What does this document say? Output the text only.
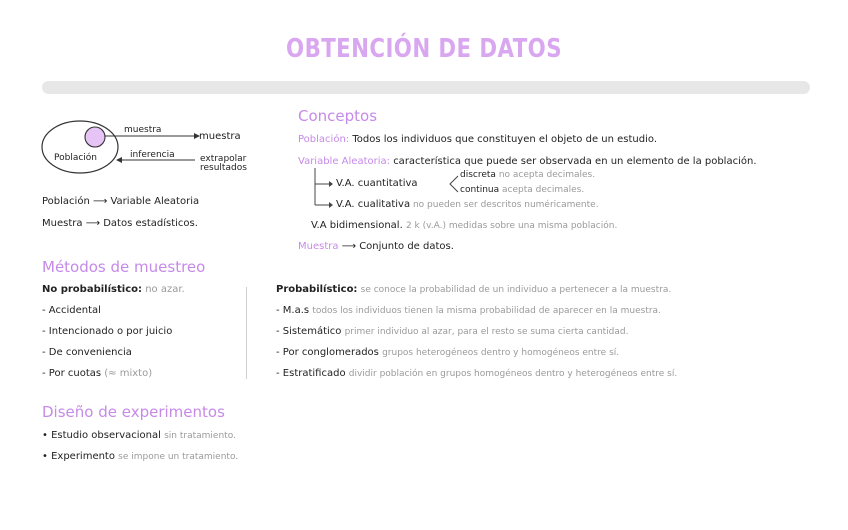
OBTENCIÓN DE DATOS
muestra
muestra
Población	inferencia	extrapolar resultados
Población ⟶ Variable Aleatoria
Muestra ⟶ Datos estadísticos.
Conceptos
Población: Todos los individuos que constituyen el objeto de un estudio.
Variable Aleatoria: característica que puede ser observada en un elemento de la población.
V.A. cuantitativa
discreta no acepta decimales.
continua acepta decimales.
V.A. cualitativa no pueden ser descritos numéricamente.
V.A bidimensional. 2 k (v.A.) medidas sobre una misma población.
Muestra ⟶ Conjunto de datos.
Métodos de muestreo
No probabilístico: no azar.
- Accidental
- Intencionado o por juicio
- De conveniencia
- Por cuotas (≈ mixto)
Probabilístico: se conoce la probabilidad de un individuo a pertenecer a la muestra.
- M.a.s todos los individuos tienen la misma probabilidad de aparecer en la muestra.
- Sistemático primer individuo al azar, para el resto se suma cierta cantidad.
- Por conglomerados grupos heterogéneos dentro y homogéneos entre sí.
- Estratificado dividir población en grupos homogéneos dentro y heterogéneos entre sí.
Diseño de experimentos
• Estudio observacional sin tratamiento.
• Experimento se impone un tratamiento.
